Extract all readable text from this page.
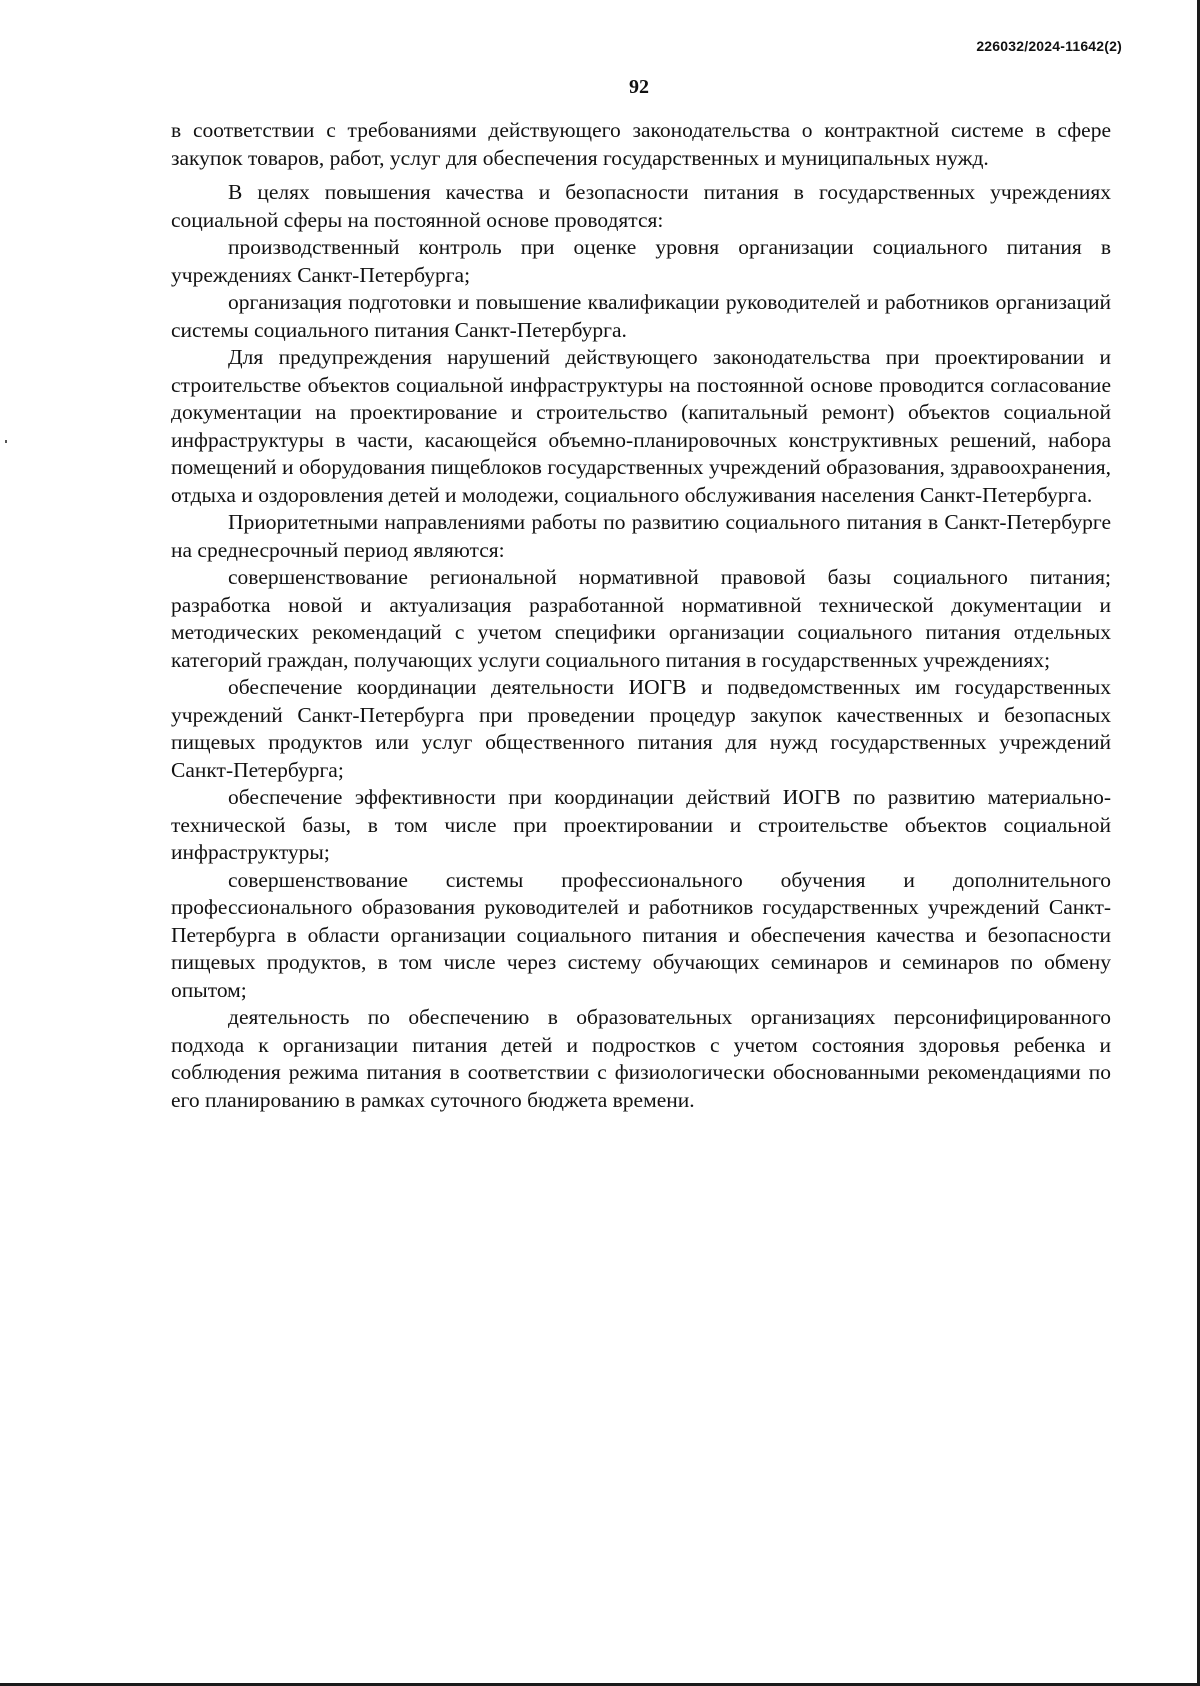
226032/2024-11642(2)
92

в соответствии с требованиями действующего законодательства о контрактной системе в сфере закупок товаров, работ, услуг для обеспечения государственных и муниципальных нужд.

В целях повышения качества и безопасности питания в государственных учреждениях социальной сферы на постоянной основе проводятся:

производственный контроль при оценке уровня организации социального питания в учреждениях Санкт-Петербурга;

организация подготовки и повышение квалификации руководителей и работников организаций системы социального питания Санкт-Петербурга.

Для предупреждения нарушений действующего законодательства при проектировании и строительстве объектов социальной инфраструктуры на постоянной основе проводится согласование документации на проектирование и строительство (капитальный ремонт) объектов социальной инфраструктуры в части, касающейся объемно-планировочных конструктивных решений, набора помещений и оборудования пищеблоков государственных учреждений образования, здравоохранения, отдыха и оздоровления детей и молодежи, социального обслуживания населения Санкт-Петербурга.

Приоритетными направлениями работы по развитию социального питания в Санкт-Петербурге на среднесрочный период являются:

совершенствование региональной нормативной правовой базы социального питания; разработка новой и актуализация разработанной нормативной технической документации и методических рекомендаций с учетом специфики организации социального питания отдельных категорий граждан, получающих услуги социального питания в государственных учреждениях;

обеспечение координации деятельности ИОГВ и подведомственных им государственных учреждений Санкт-Петербурга при проведении процедур закупок качественных и безопасных пищевых продуктов или услуг общественного питания для нужд государственных учреждений Санкт-Петербурга;

обеспечение эффективности при координации действий ИОГВ по развитию материально-технической базы, в том числе при проектировании и строительстве объектов социальной инфраструктуры;

совершенствование системы профессионального обучения и дополнительного профессионального образования руководителей и работников государственных учреждений Санкт-Петербурга в области организации социального питания и обеспечения качества и безопасности пищевых продуктов, в том числе через систему обучающих семинаров и семинаров по обмену опытом;

деятельность по обеспечению в образовательных организациях персонифицированного подхода к организации питания детей и подростков с учетом состояния здоровья ребенка и соблюдения режима питания в соответствии с физиологически обоснованными рекомендациями по его планированию в рамках суточного бюджета времени.
